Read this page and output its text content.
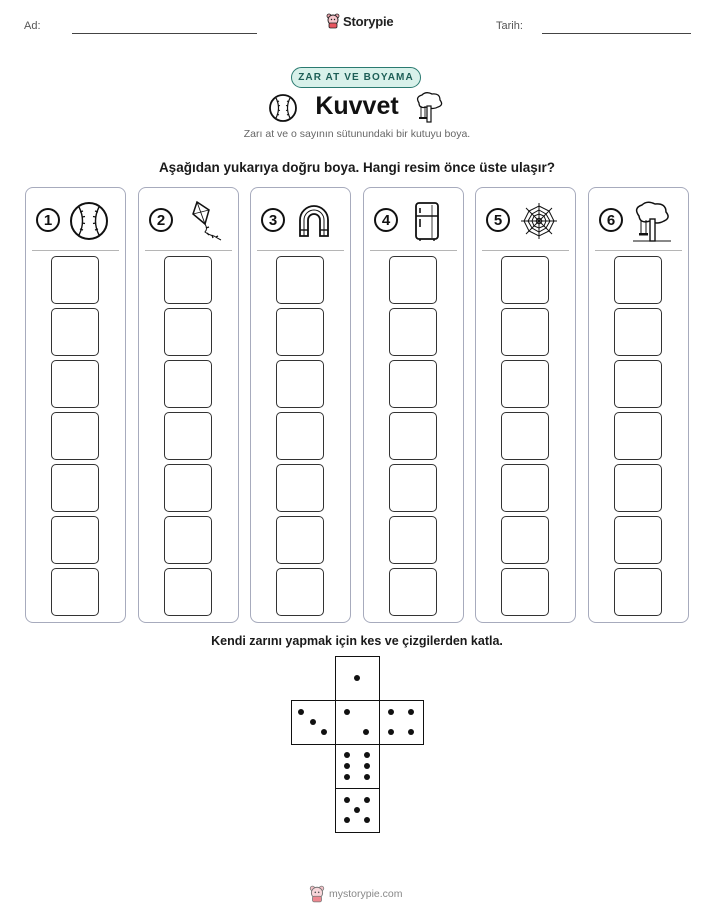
Ad:	Storypie	Tarih:
ZAR AT VE BOYAMA
Kuvvet
Zarı at ve o sayının sütunundaki bir kutuyu boya.
Aşağıdan yukarıya doğru boya. Hangi resim önce üste ulaşır?
1	2	3	4	5	6
Kendi zarını yapmak için kes ve çizgilerden katla.
mystorypie.com
